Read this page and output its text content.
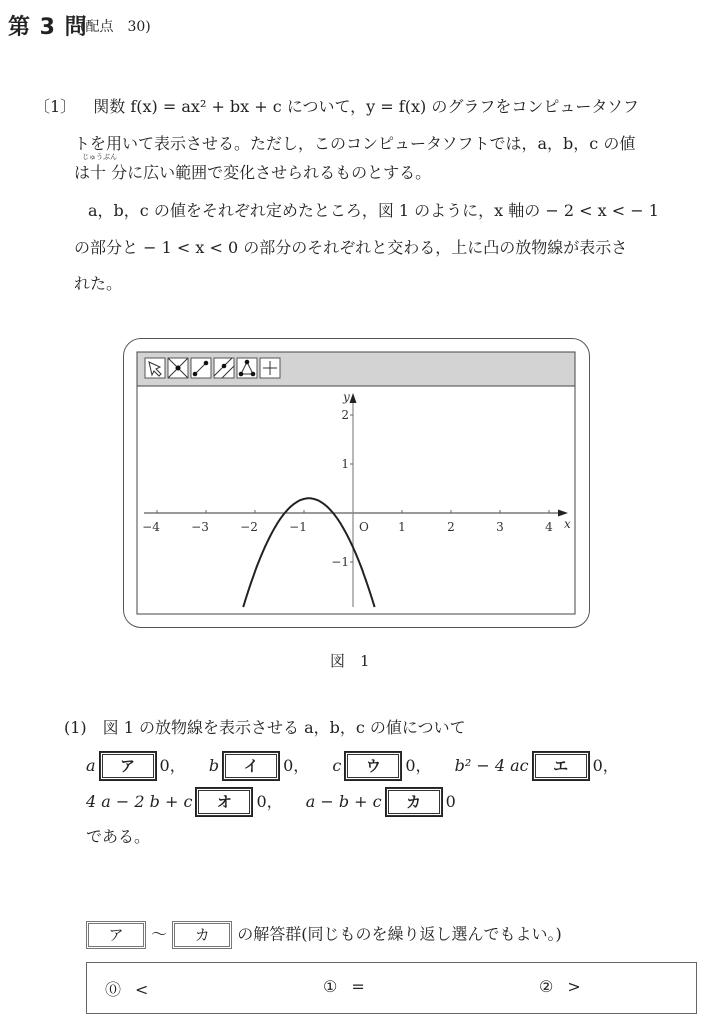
第 3 問
(配点　30)
〔1〕 関数 f(x) = ax² + bx + c について，y = f(x) のグラフをコンピュータソフ
トを用いて表示させる。ただし，このコンピュータソフトでは，a，b，c の値
じゅうぶん
は十 分に広い範囲で変化させられるものとする。
a，b，c の値をそれぞれ定めたところ，図 1 のように，x 軸の − 2 < x < − 1
の部分と − 1 < x < 0 の部分のそれぞれと交わる，上に凸の放物線が表示さ
れた。
−4	−3	−2	−1	1	2	3	4
2
1
−1
O	x
y
図　1
(1)　図 1 の放物線を表示させる a，b，c の値について
a ア 0， b イ 0， c ウ 0， b² − 4 ac エ 0，
4 a − 2 b + c オ 0， a − b + c カ 0
である。
ア ～ カ の解答群(同じものを繰り返し選んでもよい。)
⓪ <	① =	② >
